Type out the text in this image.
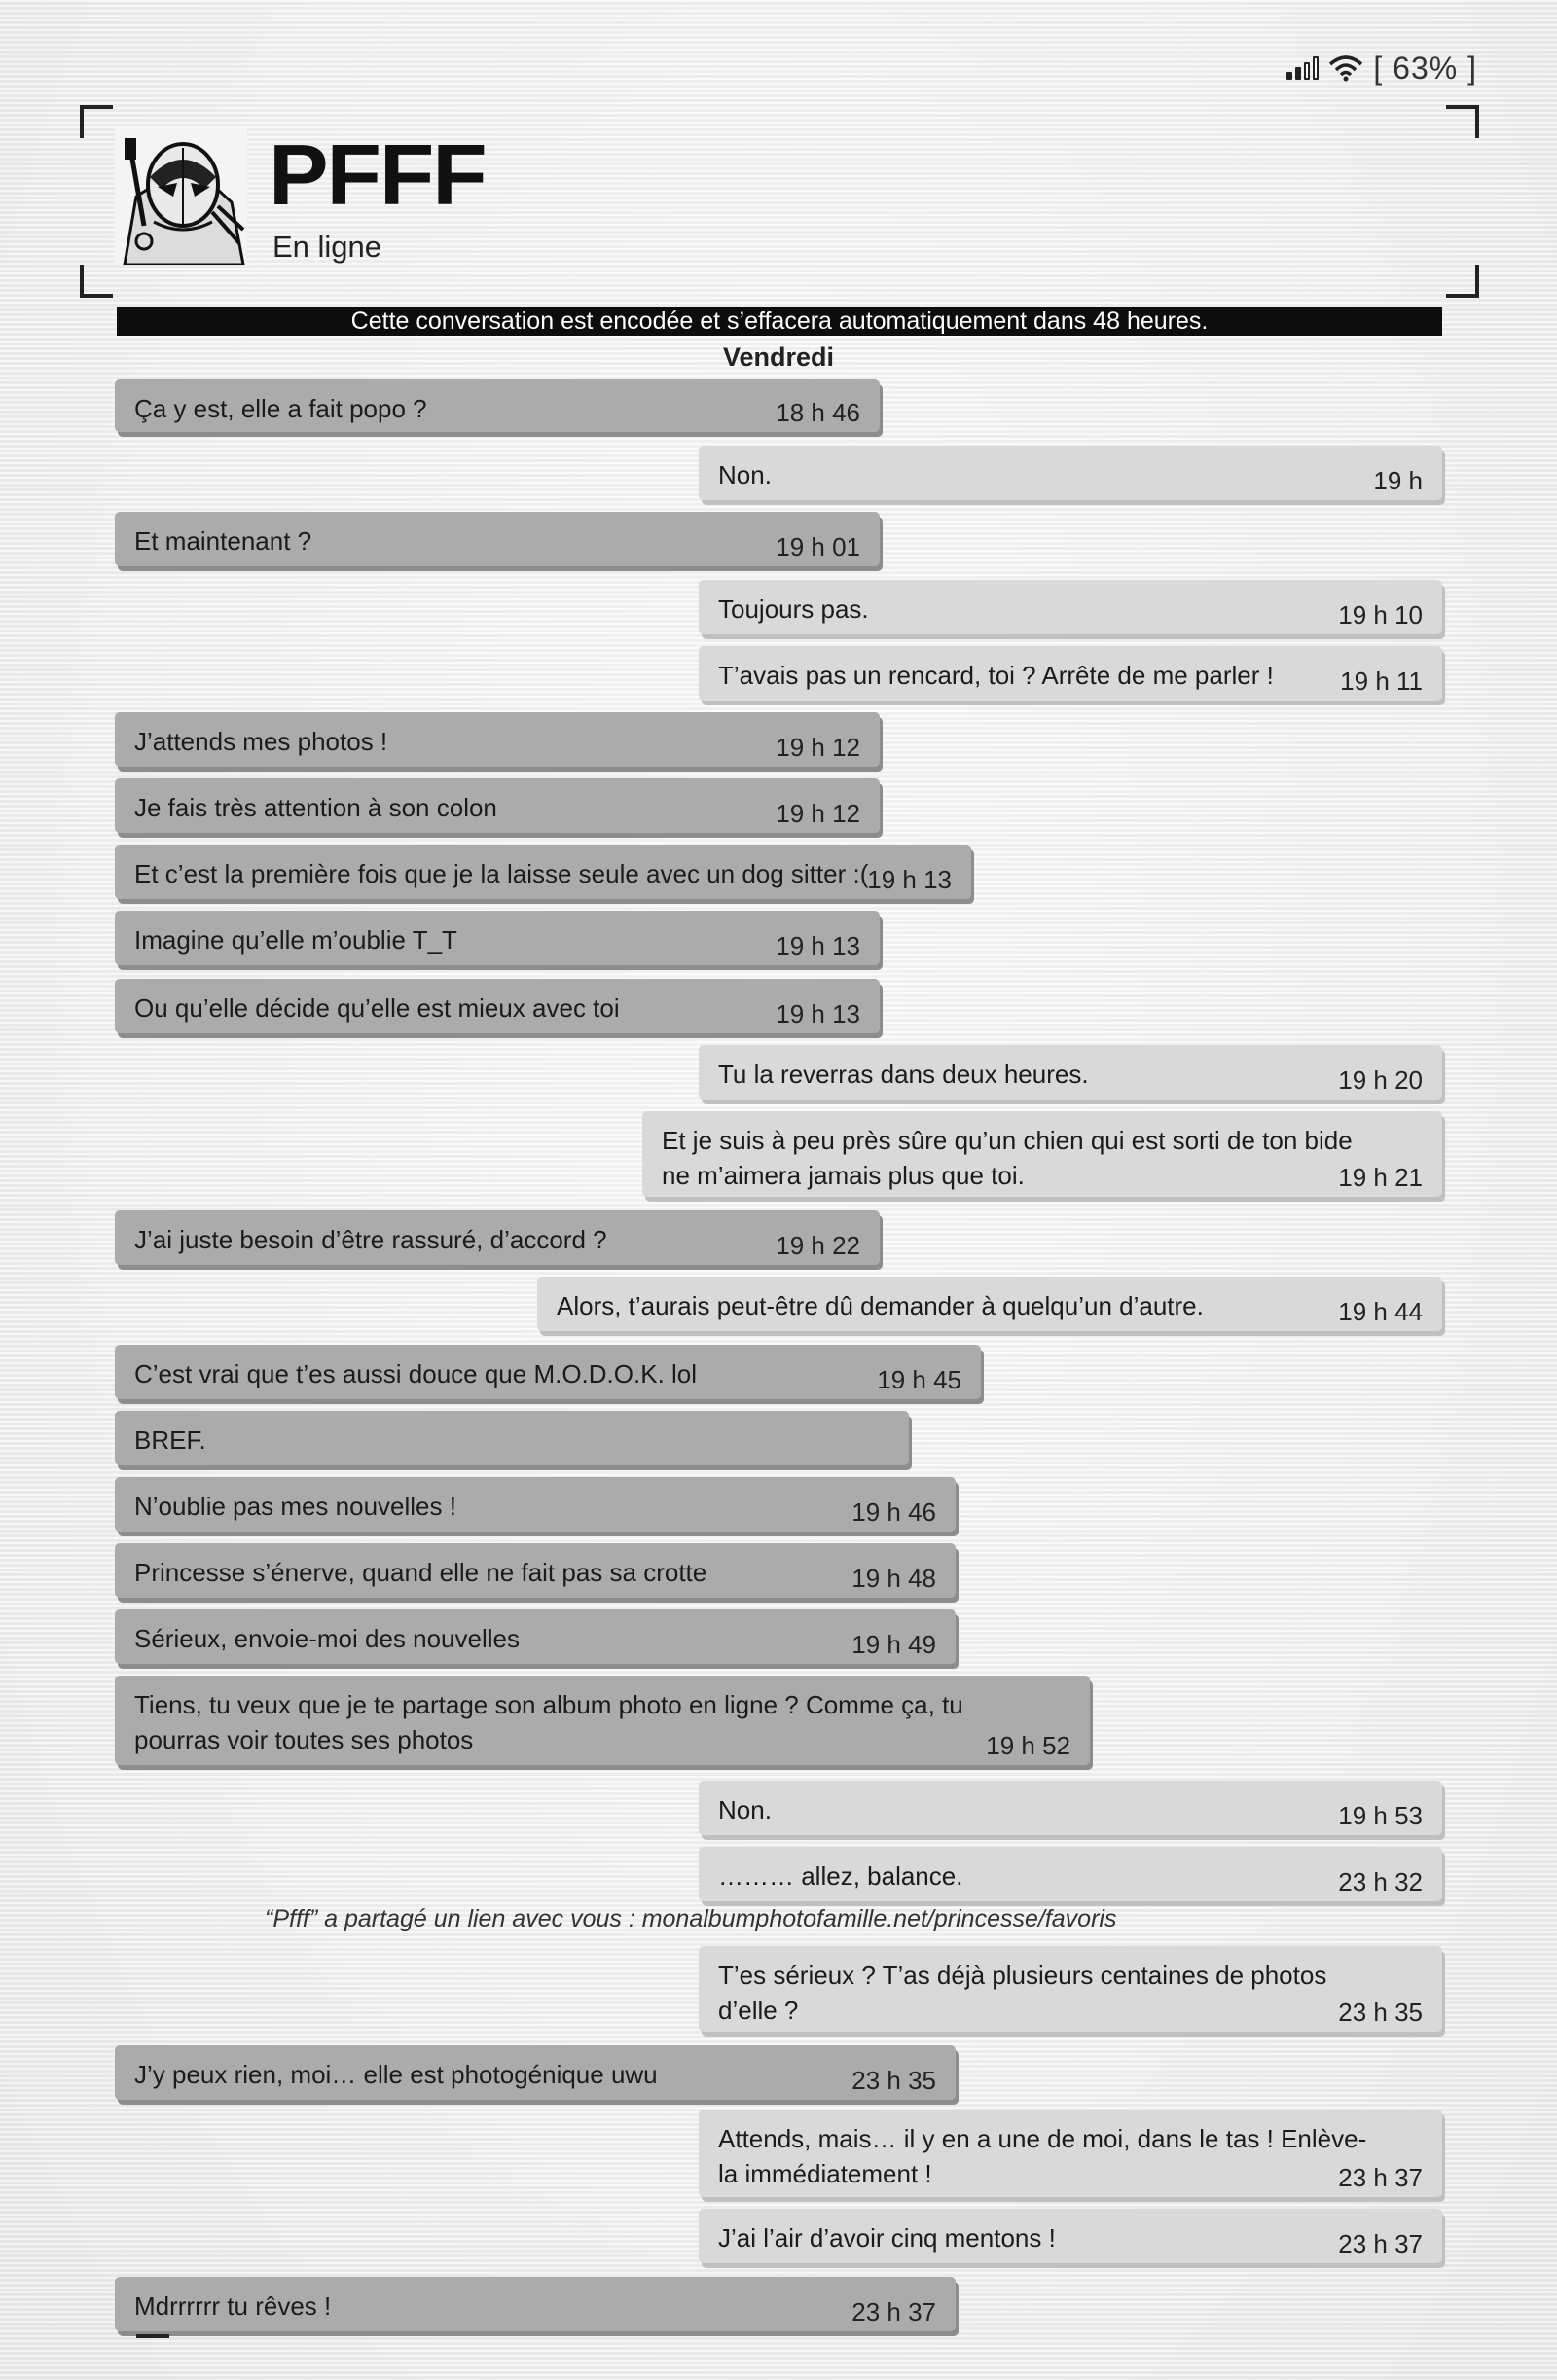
[ 63% ]
PFFF
En ligne
Cette conversation est encodée et s’effacera automatiquement dans 48 heures.
Vendredi
Ça y est, elle a fait popo ?	18 h 46
Non.	19 h
Et maintenant ?	19 h 01
Toujours pas.	19 h 10
T’avais pas un rencard, toi ? Arrête de me parler !	19 h 11
J’attends mes photos !	19 h 12
Je fais très attention à son colon	19 h 12
Et c’est la première fois que je la laisse seule avec un dog sitter :(
19 h 13
Imagine qu’elle m’oublie T_T	19 h 13
Ou qu’elle décide qu’elle est mieux avec toi	19 h 13
Tu la reverras dans deux heures.	19 h 20
Et je suis à peu près sûre qu’un chien qui est sorti de ton bide ne m’aimera jamais plus que toi.	19 h 21
J’ai juste besoin d’être rassuré, d’accord ?	19 h 22
Alors, t’aurais peut-être dû demander à quelqu’un d’autre.	19 h 44
C’est vrai que t’es aussi douce que M.O.D.O.K. lol	19 h 45
BREF.
N’oublie pas mes nouvelles !	19 h 46
Princesse s’énerve, quand elle ne fait pas sa crotte	19 h 48
Sérieux, envoie-moi des nouvelles	19 h 49
Tiens, tu veux que je te partage son album photo en ligne ? Comme ça, tu pourras voir toutes ses photos	19 h 52
Non.	19 h 53
……… allez, balance.	23 h 32
“Pfff” a partagé un lien avec vous : monalbumphotofamille.net/princesse/favoris
T’es sérieux ? T’as déjà plusieurs centaines de photos d’elle ?	23 h 35
J’y peux rien, moi… elle est photogénique uwu	23 h 35
Attends, mais… il y en a une de moi, dans le tas ! Enlève-la immédiatement !	23 h 37
J’ai l’air d’avoir cinq mentons !	23 h 37
Mdrrrrrr tu rêves !	23 h 37
